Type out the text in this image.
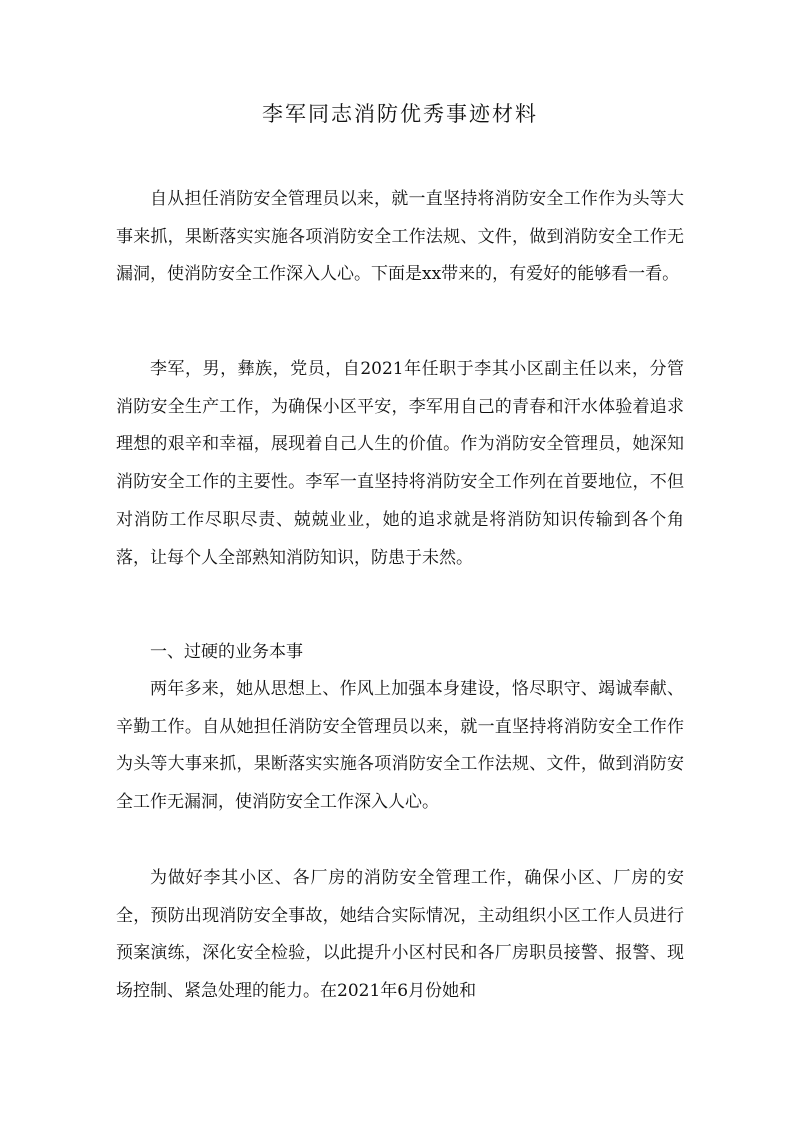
李军同志消防优秀事迹材料

自从担任消防安全管理员以来，就一直坚持将消防安全工作作为头等大事来抓，果断落实实施各项消防安全工作法规、文件，做到消防安全工作无漏洞，使消防安全工作深入人心。下面是xx带来的，有爱好的能够看一看。

李军，男，彝族，党员，自2021年任职于李其小区副主任以来，分管消防安全生产工作，为确保小区平安，李军用自己的青春和汗水体验着追求理想的艰辛和幸福，展现着自己人生的价值。作为消防安全管理员，她深知消防安全工作的主要性。李军一直坚持将消防安全工作列在首要地位，不但对消防工作尽职尽责、兢兢业业，她的追求就是将消防知识传输到各个角落，让每个人全部熟知消防知识，防患于未然。

一、过硬的业务本事

两年多来，她从思想上、作风上加强本身建设，恪尽职守、竭诚奉献、辛勤工作。自从她担任消防安全管理员以来，就一直坚持将消防安全工作作为头等大事来抓，果断落实实施各项消防安全工作法规、文件，做到消防安全工作无漏洞，使消防安全工作深入人心。

为做好李其小区、各厂房的消防安全管理工作，确保小区、厂房的安全，预防出现消防安全事故，她结合实际情况，主动组织小区工作人员进行预案演练，深化安全检验，以此提升小区村民和各厂房职员接警、报警、现场控制、紧急处理的能力。在2021年6月份她和
